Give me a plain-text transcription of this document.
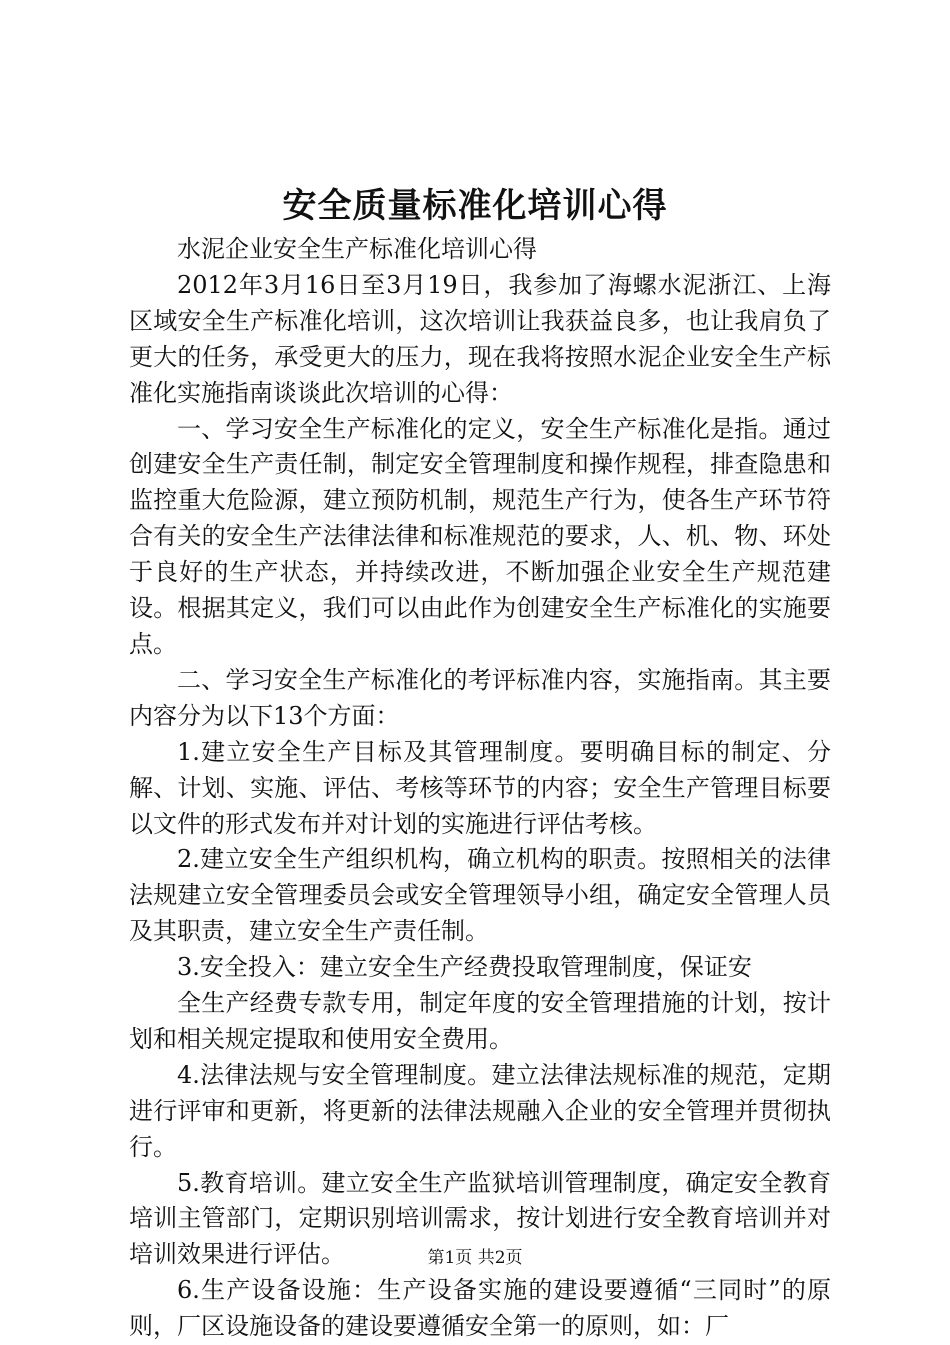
安全质量标准化培训心得

水泥企业安全生产标准化培训心得

2012年3月16日至3月19日，我参加了海螺水泥浙江、上海区域安全生产标准化培训，这次培训让我获益良多，也让我肩负了更大的任务，承受更大的压力，现在我将按照水泥企业安全生产标准化实施指南谈谈此次培训的心得：

一、学习安全生产标准化的定义，安全生产标准化是指。通过创建安全生产责任制，制定安全管理制度和操作规程，排查隐患和监控重大危险源，建立预防机制，规范生产行为，使各生产环节符合有关的安全生产法律法律和标准规范的要求，人、机、物、环处于良好的生产状态，并持续改进，不断加强企业安全生产规范建设。根据其定义，我们可以由此作为创建安全生产标准化的实施要点。

二、学习安全生产标准化的考评标准内容，实施指南。其主要内容分为以下13个方面：

1.建立安全生产目标及其管理制度。要明确目标的制定、分解、计划、实施、评估、考核等环节的内容；安全生产管理目标要以文件的形式发布并对计划的实施进行评估考核。

2.建立安全生产组织机构，确立机构的职责。按照相关的法律法规建立安全管理委员会或安全管理领导小组，确定安全管理人员及其职责，建立安全生产责任制。

3.安全投入：建立安全生产经费投取管理制度，保证安

全生产经费专款专用，制定年度的安全管理措施的计划，按计划和相关规定提取和使用安全费用。

4.法律法规与安全管理制度。建立法律法规标准的规范，定期进行评审和更新，将更新的法律法规融入企业的安全管理并贯彻执行。

5.教育培训。建立安全生产监狱培训管理制度，确定安全教育培训主管部门，定期识别培训需求，按计划进行安全教育培训并对培训效果进行评估。

6.生产设备设施：生产设备实施的建设要遵循“三同时”的原则，厂区设施设备的建设要遵循安全第一的原则，如：厂

第1页 共2页
